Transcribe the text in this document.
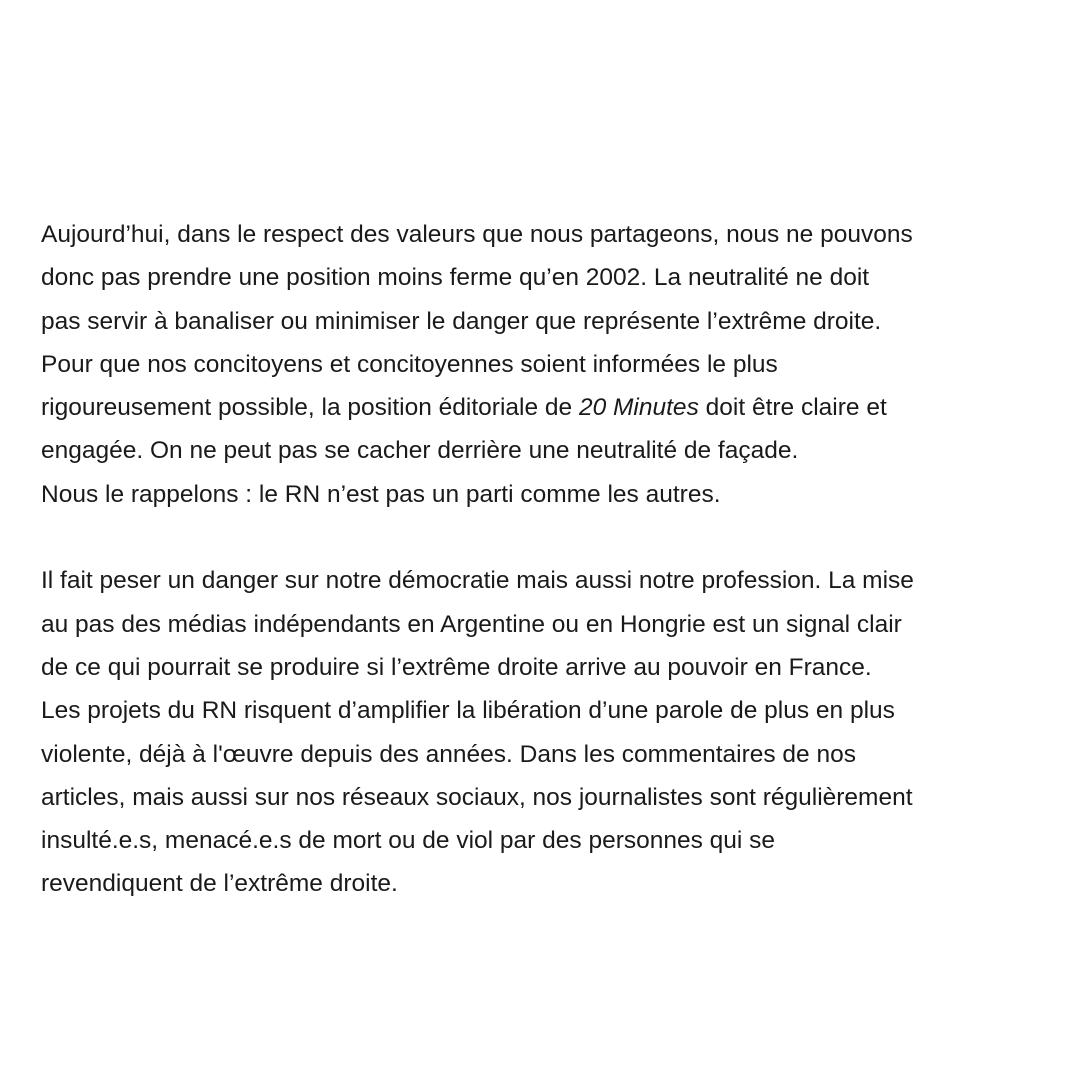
Aujourd’hui, dans le respect des valeurs que nous partageons, nous ne pouvons
donc pas prendre une position moins ferme qu’en 2002. La neutralité ne doit
pas servir à banaliser ou minimiser le danger que représente l’extrême droite.
Pour que nos concitoyens et concitoyennes soient informées le plus
rigoureusement possible, la position éditoriale de 20 Minutes doit être claire et
engagée. On ne peut pas se cacher derrière une neutralité de façade.
Nous le rappelons : le RN n’est pas un parti comme les autres.

Il fait peser un danger sur notre démocratie mais aussi notre profession. La mise
au pas des médias indépendants en Argentine ou en Hongrie est un signal clair
de ce qui pourrait se produire si l’extrême droite arrive au pouvoir en France.
Les projets du RN risquent d’amplifier la libération d’une parole de plus en plus
violente, déjà à l'œuvre depuis des années. Dans les commentaires de nos
articles, mais aussi sur nos réseaux sociaux, nos journalistes sont régulièrement
insulté.e.s, menacé.e.s de mort ou de viol par des personnes qui se
revendiquent de l’extrême droite.
